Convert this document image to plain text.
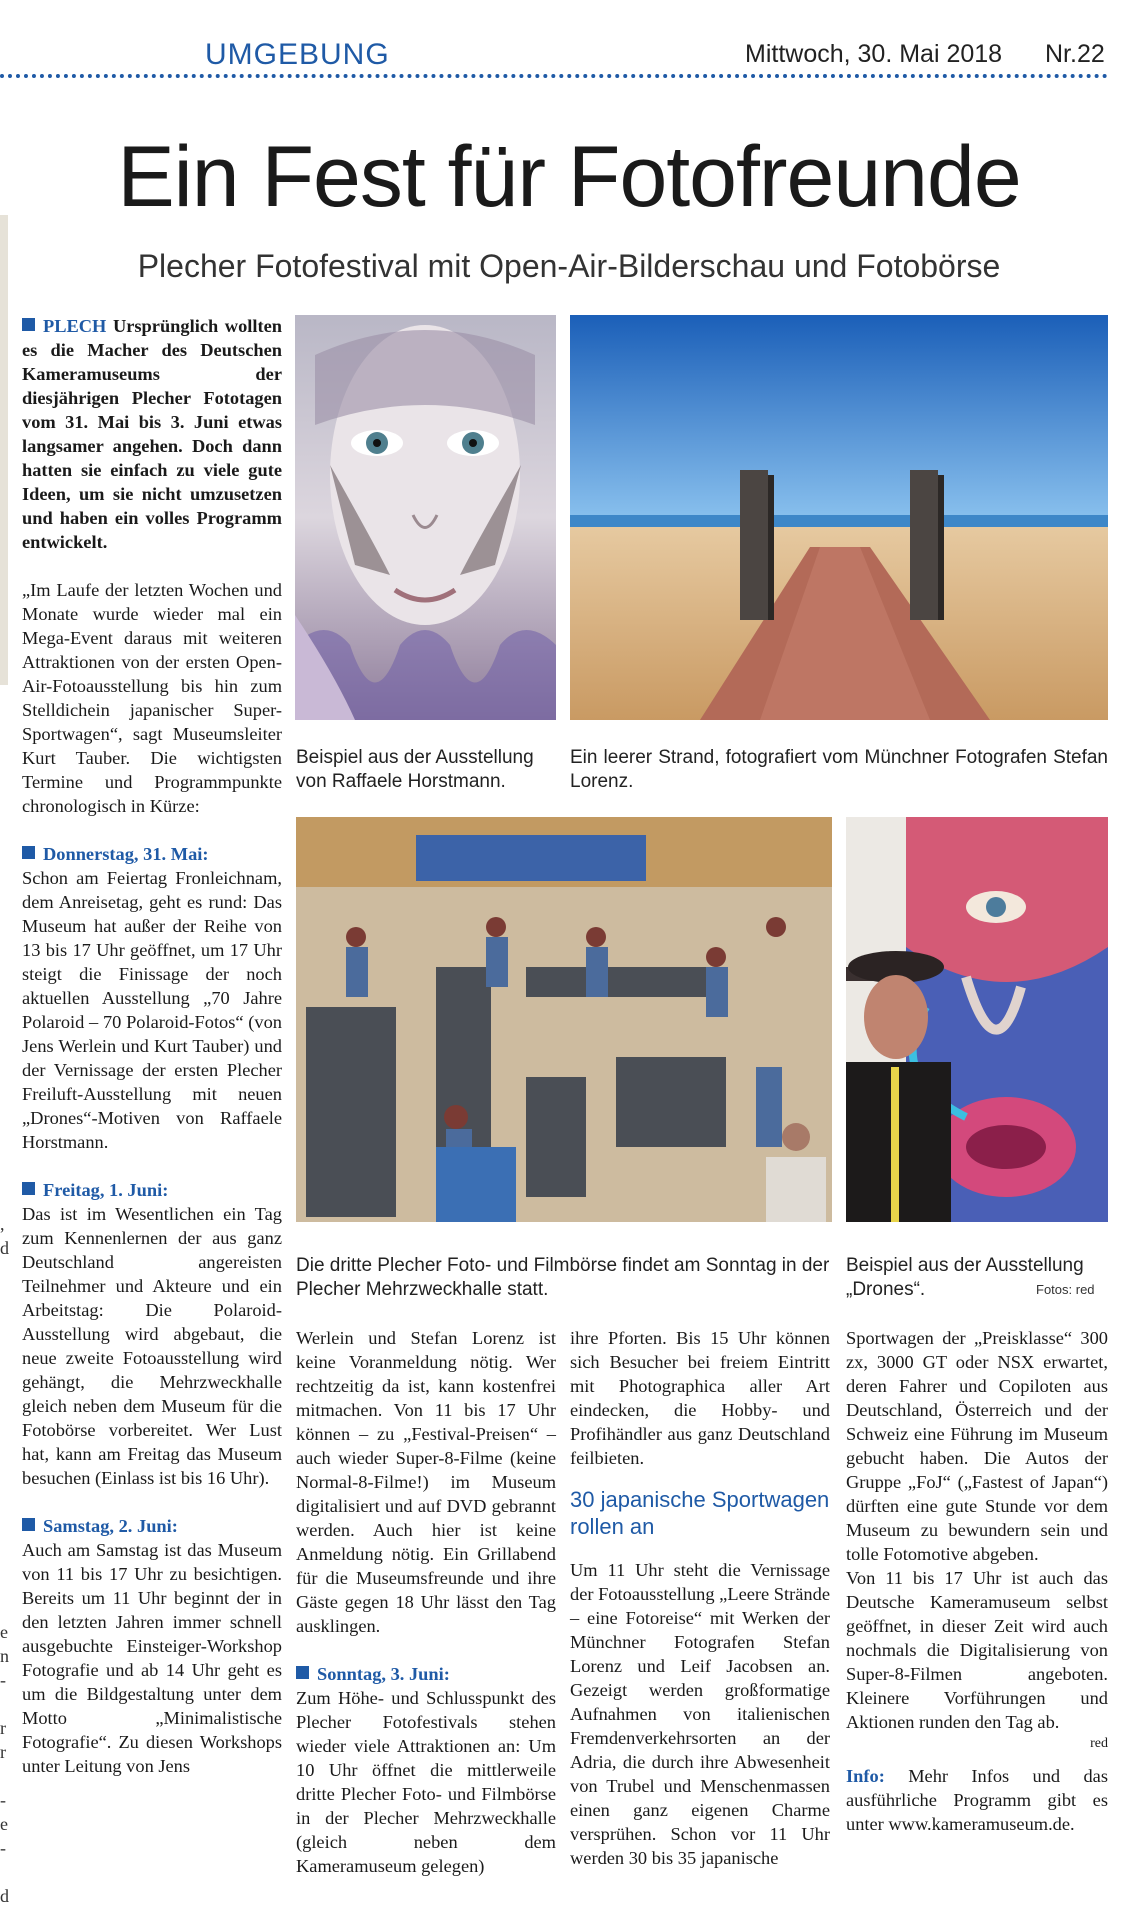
UMGEBUNG	Mittwoch, 30. Mai 2018 Nr.22
Ein Fest für Fotofreunde
Plecher Fotofestival mit Open-Air-Bilderschau und Fotobörse
,
d
e
n
-
r
r
-
e
-
d

PLECH Ursprünglich wollten es die Macher des Deutschen Kameramuseums der diesjährigen Plecher Fototagen vom 31. Mai bis 3. Juni etwas langsamer angehen. Doch dann hatten sie einfach zu viele gute Ideen, um sie nicht umzusetzen und haben ein volles Programm entwickelt.

„Im Laufe der letzten Wochen und Monate wurde wieder mal ein Mega-Event daraus mit weiteren Attraktionen von der ersten Open-Air-Fotoausstellung bis hin zum Stelldichein japanischer Super-Sportwagen“, sagt Museumsleiter Kurt Tauber. Die wichtigsten Termine und Programmpunkte chronologisch in Kürze:

Donnerstag, 31. Mai:

Schon am Feiertag Fronleichnam, dem Anreisetag, geht es rund: Das Museum hat außer der Reihe von 13 bis 17 Uhr geöffnet, um 17 Uhr steigt die Finissage der noch aktuellen Ausstellung „70 Jahre Polaroid – 70 Polaroid-Fotos“ (von Jens Werlein und Kurt Tauber) und der Vernissage der ersten Plecher Freiluft-Ausstellung mit neuen „Drones“-Motiven von Raffaele Horstmann.

Freitag, 1. Juni:

Das ist im Wesentlichen ein Tag zum Kennenlernen der aus ganz Deutschland angereisten Teilnehmer und Akteure und ein Arbeitstag: Die Polaroid-Ausstellung wird abgebaut, die neue zweite Fotoausstellung wird gehängt, die Mehrzweckhalle gleich neben dem Museum für die Fotobörse vorbereitet. Wer Lust hat, kann am Freitag das Museum besuchen (Einlass ist bis 16 Uhr).

Samstag, 2. Juni:

Auch am Samstag ist das Museum von 11 bis 17 Uhr zu besichtigen. Bereits um 11 Uhr beginnt der in den letzten Jahren immer schnell ausgebuchte Einsteiger-Workshop Fotografie und ab 14 Uhr geht es um die Bildgestaltung unter dem Motto „Minimalistische Fotografie“. Zu diesen Workshops unter Leitung von Jens

Beispiel aus der Ausstellung von Raffaele Horstmann.
Ein leerer Strand, fotografiert vom Münchner Fotografen Stefan Lorenz.
Die dritte Plecher Foto- und Filmbörse findet am Sonntag in der Plecher Mehrzweckhalle statt.
Beispiel aus der Ausstellung „Drones“.	Fotos: red

Werlein und Stefan Lorenz ist keine Voranmeldung nötig. Wer rechtzeitig da ist, kann kostenfrei mitmachen. Von 11 bis 17 Uhr können – zu „Festival-Preisen“ – auch wieder Super-8-Filme (keine Normal-8-Filme!) im Museum digitalisiert und auf DVD gebrannt werden. Auch hier ist keine Anmeldung nötig. Ein Grillabend für die Museumsfreunde und ihre Gäste gegen 18 Uhr lässt den Tag ausklingen.

Sonntag, 3. Juni:

Zum Höhe- und Schlusspunkt des Plecher Fotofestivals stehen wieder viele Attraktionen an: Um 10 Uhr öffnet die mittlerweile dritte Plecher Foto- und Filmbörse in der Plecher Mehrzweckhalle (gleich neben dem Kameramuseum gelegen)

ihre Pforten. Bis 15 Uhr können sich Besucher bei freiem Eintritt mit Photographica aller Art eindecken, die Hobby- und Profihändler aus ganz Deutschland feilbieten.

30 japanische Sportwagen rollen an

Um 11 Uhr steht die Vernissage der Fotoausstellung „Leere Strände – eine Fotoreise“ mit Werken der Münchner Fotografen Stefan Lorenz und Leif Jacobsen an. Gezeigt werden großformatige Aufnahmen von italienischen Fremdenverkehrsorten an der Adria, die durch ihre Abwesenheit von Trubel und Menschenmassen einen ganz eigenen Charme versprühen. Schon vor 11 Uhr werden 30 bis 35 japanische

Sportwagen der „Preisklasse“ 300 zx, 3000 GT oder NSX erwartet, deren Fahrer und Copiloten aus Deutschland, Österreich und der Schweiz eine Führung im Museum gebucht haben. Die Autos der Gruppe „FoJ“ („Fastest of Japan“) dürften eine gute Stunde vor dem Museum zu bewundern sein und tolle Fotomotive abgeben.

Von 11 bis 17 Uhr ist auch das Deutsche Kameramuseum selbst geöffnet, in dieser Zeit wird auch nochmals die Digitalisierung von Super-8-Filmen angeboten. Kleinere Vorführungen und Aktionen runden den Tag ab.

red

Info: Mehr Infos und das ausführliche Programm gibt es unter www.kameramuseum.de.
